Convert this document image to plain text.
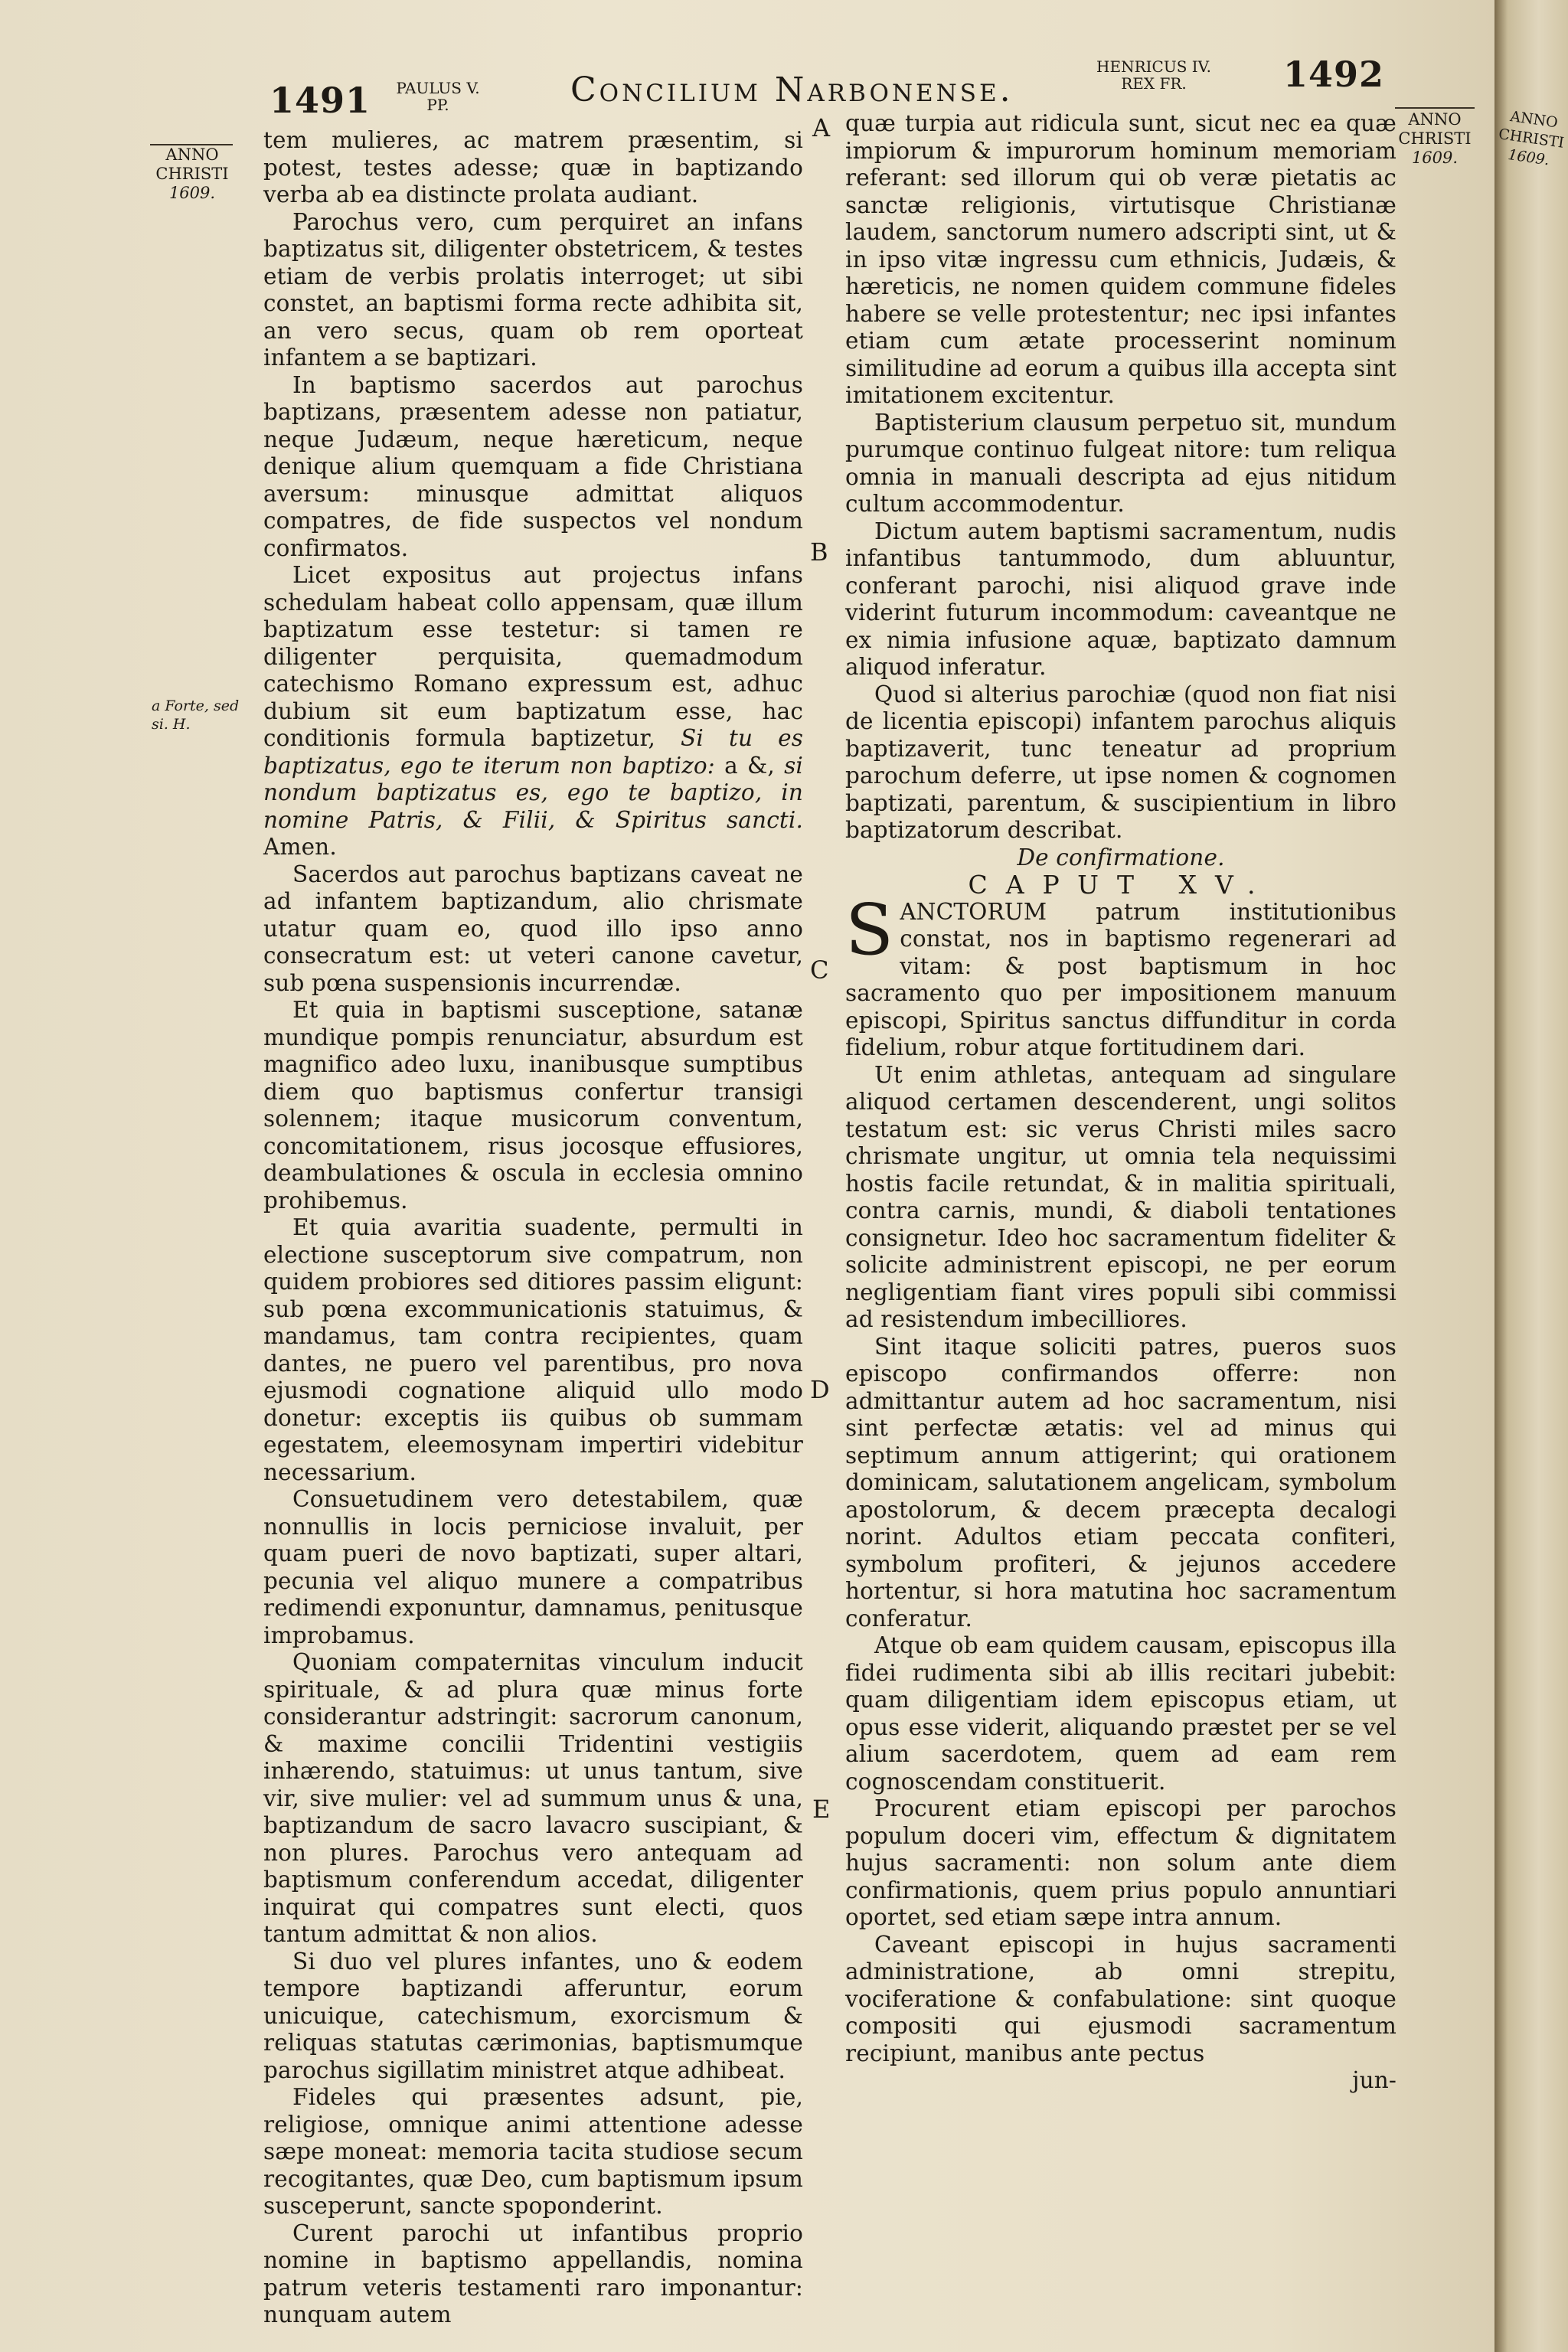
1491 PAULUS V.
PP.	Concilium Narbonense.
HENRICUS IV.
REX FR.	1492
ANNO
CHRISTI
1609.
a Forte, sed si. H.
ANNO
CHRISTI
1609.
ANNO
CHRISTI
1609.
A
B
C
D
E

tem mulieres, ac matrem præsentim, si potest, testes adesse; quæ in baptizando verba ab ea distincte prolata audiant.

Parochus vero, cum perquiret an infans baptizatus sit, diligenter obstetricem, & testes etiam de verbis prolatis interroget; ut sibi constet, an baptismi forma recte adhibita sit, an vero secus, quam ob rem oporteat infantem a se baptizari.

In baptismo sacerdos aut parochus baptizans, præsentem adesse non patiatur, neque Judæum, neque hæreticum, neque denique alium quemquam a fide Christiana aversum: minusque admittat aliquos compatres, de fide suspectos vel nondum confirmatos.

Licet expositus aut projectus infans schedulam habeat collo appensam, quæ illum baptizatum esse testetur: si tamen re diligenter perquisita, quemadmodum catechismo Romano expressum est, adhuc dubium sit eum baptizatum esse, hac conditionis formula baptizetur, Si tu es baptizatus, ego te iterum non baptizo: a &, si nondum baptizatus es, ego te baptizo, in nomine Patris, & Filii, & Spiritus sancti. Amen.

Sacerdos aut parochus baptizans caveat ne ad infantem baptizandum, alio chrismate utatur quam eo, quod illo ipso anno consecratum est: ut veteri canone cavetur, sub pœna suspensionis incurrendæ.

Et quia in baptismi susceptione, satanæ mundique pompis renunciatur, absurdum est magnifico adeo luxu, inanibusque sumptibus diem quo baptismus confertur transigi solennem; itaque musicorum conventum, concomitationem, risus jocosque effusiores, deambulationes & oscula in ecclesia omnino prohibemus.

Et quia avaritia suadente, permulti in electione susceptorum sive compatrum, non quidem probiores sed ditiores passim eligunt: sub pœna excommunicationis statuimus, & mandamus, tam contra recipientes, quam dantes, ne puero vel parentibus, pro nova ejusmodi cognatione aliquid ullo modo donetur: exceptis iis quibus ob summam egestatem, eleemosynam impertiri videbitur necessarium.

Consuetudinem vero detestabilem, quæ nonnullis in locis perniciose invaluit, per quam pueri de novo baptizati, super altari, pecunia vel aliquo munere a compatribus redimendi exponuntur, damnamus, penitusque improbamus.

Quoniam compaternitas vinculum inducit spirituale, & ad plura quæ minus forte considerantur adstringit: sacrorum canonum, & maxime concilii Tridentini vestigiis inhærendo, statuimus: ut unus tantum, sive vir, sive mulier: vel ad summum unus & una, baptizandum de sacro lavacro suscipiant, & non plures. Parochus vero antequam ad baptismum conferendum accedat, diligenter inquirat qui compatres sunt electi, quos tantum admittat & non alios.

Si duo vel plures infantes, uno & eodem tempore baptizandi afferuntur, eorum unicuique, catechismum, exorcismum & reliquas statutas cærimonias, baptismumque parochus sigillatim ministret atque adhibeat.

Fideles qui præsentes adsunt, pie, religiose, omnique animi attentione adesse sæpe moneat: memoria tacita studiose secum recogitantes, quæ Deo, cum baptismum ipsum susceperunt, sancte spoponderint.

Curent parochi ut infantibus proprio nomine in baptismo appellandis, nomina patrum veteris testamenti raro imponantur: nunquam autem

quæ turpia aut ridicula sunt, sicut nec ea quæ impiorum & impurorum hominum memoriam referant: sed illorum qui ob veræ pietatis ac sanctæ religionis, virtutisque Christianæ laudem, sanctorum numero adscripti sint, ut & in ipso vitæ ingressu cum ethnicis, Judæis, & hæreticis, ne nomen quidem commune fideles habere se velle protestentur; nec ipsi infantes etiam cum ætate processerint nominum similitudine ad eorum a quibus illa accepta sint imitationem excitentur.

Baptisterium clausum perpetuo sit, mundum purumque continuo fulgeat nitore: tum reliqua omnia in manuali descripta ad ejus nitidum cultum accommodentur.

Dictum autem baptismi sacramentum, nudis infantibus tantummodo, dum abluuntur, conferant parochi, nisi aliquod grave inde viderint futurum incommodum: caveantque ne ex nimia infusione aquæ, baptizato damnum aliquod inferatur.

Quod si alterius parochiæ (quod non fiat nisi de licentia episcopi) infantem parochus aliquis baptizaverit, tunc teneatur ad proprium parochum deferre, ut ipse nomen & cognomen baptizati, parentum, & suscipientium in libro baptizatorum describat.

De confirmatione.

CAPUT XV.

SANCTORUM patrum institutionibus constat, nos in baptismo regenerari ad vitam: & post baptismum in hoc sacramento quo per impositionem manuum episcopi, Spiritus sanctus diffunditur in corda fidelium, robur atque fortitudinem dari.

Ut enim athletas, antequam ad singulare aliquod certamen descenderent, ungi solitos testatum est: sic verus Christi miles sacro chrismate ungitur, ut omnia tela nequissimi hostis facile retundat, & in malitia spirituali, contra carnis, mundi, & diaboli tentationes consignetur. Ideo hoc sacramentum fideliter & solicite administrent episcopi, ne per eorum negligentiam fiant vires populi sibi commissi ad resistendum imbecilliores.

Sint itaque soliciti patres, pueros suos episcopo confirmandos offerre: non admittantur autem ad hoc sacramentum, nisi sint perfectæ ætatis: vel ad minus qui septimum annum attigerint; qui orationem dominicam, salutationem angelicam, symbolum apostolorum, & decem præcepta decalogi norint. Adultos etiam peccata confiteri, symbolum profiteri, & jejunos accedere hortentur, si hora matutina hoc sacramentum conferatur.

Atque ob eam quidem causam, episcopus illa fidei rudimenta sibi ab illis recitari jubebit: quam diligentiam idem episcopus etiam, ut opus esse viderit, aliquando præstet per se vel alium sacerdotem, quem ad eam rem cognoscendam constituerit.

Procurent etiam episcopi per parochos populum doceri vim, effectum & dignitatem hujus sacramenti: non solum ante diem confirmationis, quem prius populo annuntiari oportet, sed etiam sæpe intra annum.

Caveant episcopi in hujus sacramenti administratione, ab omni strepitu, vociferatione & confabulatione: sint quoque compositi qui ejusmodi sacramentum recipiunt, manibus ante pectus

jun-
